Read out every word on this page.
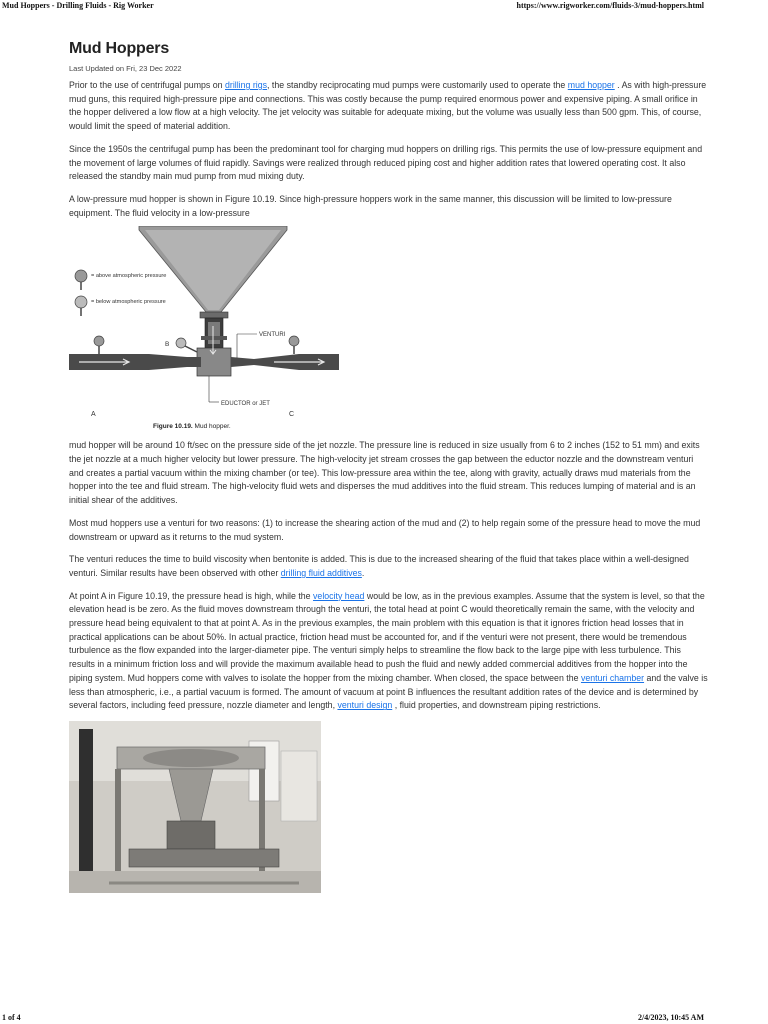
Mud Hoppers - Drilling Fluids - Rig Worker	https://www.rigworker.com/fluids-3/mud-hoppers.html
Mud Hoppers
Last Updated on Fri, 23 Dec 2022

Prior to the use of centrifugal pumps on drilling rigs, the standby reciprocating mud pumps were customarily used to operate the mud hopper . As with high-pressure mud guns, this required high-pressure pipe and connections. This was costly because the pump required enormous power and expensive piping. A small orifice in the hopper delivered a low flow at a high velocity. The jet velocity was suitable for adequate mixing, but the volume was usually less than 500 gpm. This, of course, would limit the speed of material addition.

Since the 1950s the centrifugal pump has been the predominant tool for charging mud hoppers on drilling rigs. This permits the use of low-pressure equipment and the movement of large volumes of fluid rapidly. Savings were realized through reduced piping cost and higher addition rates that lowered operating cost. It also released the standby main mud pump from mud mixing duty.

A low-pressure mud hopper is shown in Figure 10.19. Since high-pressure hoppers work in the same manner, this discussion will be limited to low-pressure equipment. The fluid velocity in a low-pressure

= above atmospheric pressure
= below atmospheric pressure
VENTURI
EDUCTOR or JET
A
B
C
Figure 10.19. Mud hopper.

mud hopper will be around 10 ft/sec on the pressure side of the jet nozzle. The pressure line is reduced in size usually from 6 to 2 inches (152 to 51 mm) and exits the jet nozzle at a much higher velocity but lower pressure. The high-velocity jet stream crosses the gap between the eductor nozzle and the downstream venturi and creates a partial vacuum within the mixing chamber (or tee). This low-pressure area within the tee, along with gravity, actually draws mud materials from the hopper into the tee and fluid stream. The high-velocity fluid wets and disperses the mud additives into the fluid stream. This reduces lumping of material and is an initial shear of the additives.

Most mud hoppers use a venturi for two reasons: (1) to increase the shearing action of the mud and (2) to help regain some of the pressure head to move the mud downstream or upward as it returns to the mud system.

The venturi reduces the time to build viscosity when bentonite is added. This is due to the increased shearing of the fluid that takes place within a well-designed venturi. Similar results have been observed with other drilling fluid additives.

At point A in Figure 10.19, the pressure head is high, while the velocity head would be low, as in the previous examples. Assume that the system is level, so that the elevation head is be zero. As the fluid moves downstream through the venturi, the total head at point C would theoretically remain the same, with the velocity and pressure head being equivalent to that at point A. As in the previous examples, the main problem with this equation is that it ignores friction head losses that in practical applications can be about 50%. In actual practice, friction head must be accounted for, and if the venturi were not present, there would be tremendous turbulence as the flow expanded into the larger-diameter pipe. The venturi simply helps to streamline the flow back to the large pipe with less turbulence. This results in a minimum friction loss and will provide the maximum available head to push the fluid and newly added commercial additives from the hopper into the piping system. Mud hoppers come with valves to isolate the hopper from the mixing chamber. When closed, the space between the venturi chamber and the valve is less than atmospheric, i.e., a partial vacuum is formed. The amount of vacuum at point B influences the resultant addition rates of the device and is determined by several factors, including feed pressure, nozzle diameter and length, venturi design , fluid properties, and downstream piping restrictions.

1 of 4	2/4/2023, 10:45 AM
